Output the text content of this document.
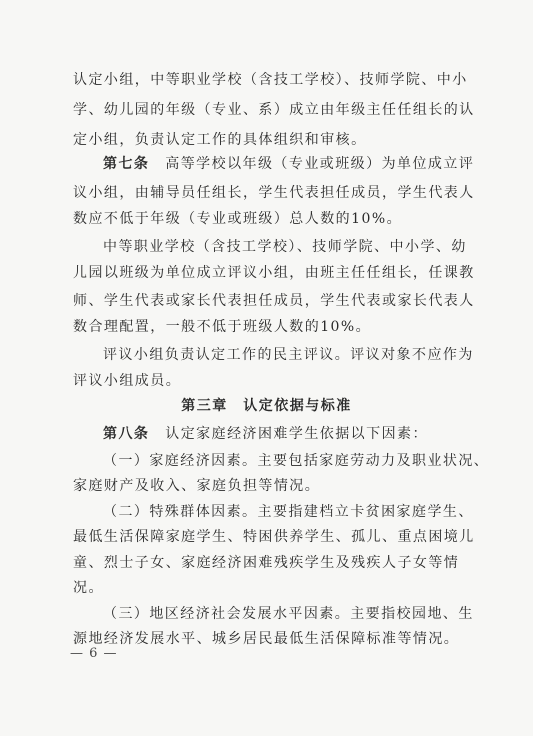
认定小组，中等职业学校（含技工学校）、技师学院、中小
学、幼儿园的年级（专业、系）成立由年级主任任组长的认
定小组，负责认定工作的具体组织和审核。
第七条 高等学校以年级（专业或班级）为单位成立评
议小组，由辅导员任组长，学生代表担任成员，学生代表人
数应不低于年级（专业或班级）总人数的10%。
中等职业学校（含技工学校）、技师学院、中小学、幼
儿园以班级为单位成立评议小组，由班主任任组长，任课教
师、学生代表或家长代表担任成员，学生代表或家长代表人
数合理配置，一般不低于班级人数的10%。
评议小组负责认定工作的民主评议。评议对象不应作为
评议小组成员。
第三章　认定依据与标准
第八条 认定家庭经济困难学生依据以下因素：
（一）家庭经济因素。主要包括家庭劳动力及职业状况、
家庭财产及收入、家庭负担等情况。
（二）特殊群体因素。主要指建档立卡贫困家庭学生、
最低生活保障家庭学生、特困供养学生、孤儿、重点困境儿
童、烈士子女、家庭经济困难残疾学生及残疾人子女等情
况。
（三）地区经济社会发展水平因素。主要指校园地、生
源地经济发展水平、城乡居民最低生活保障标准等情况。
— 6 —
